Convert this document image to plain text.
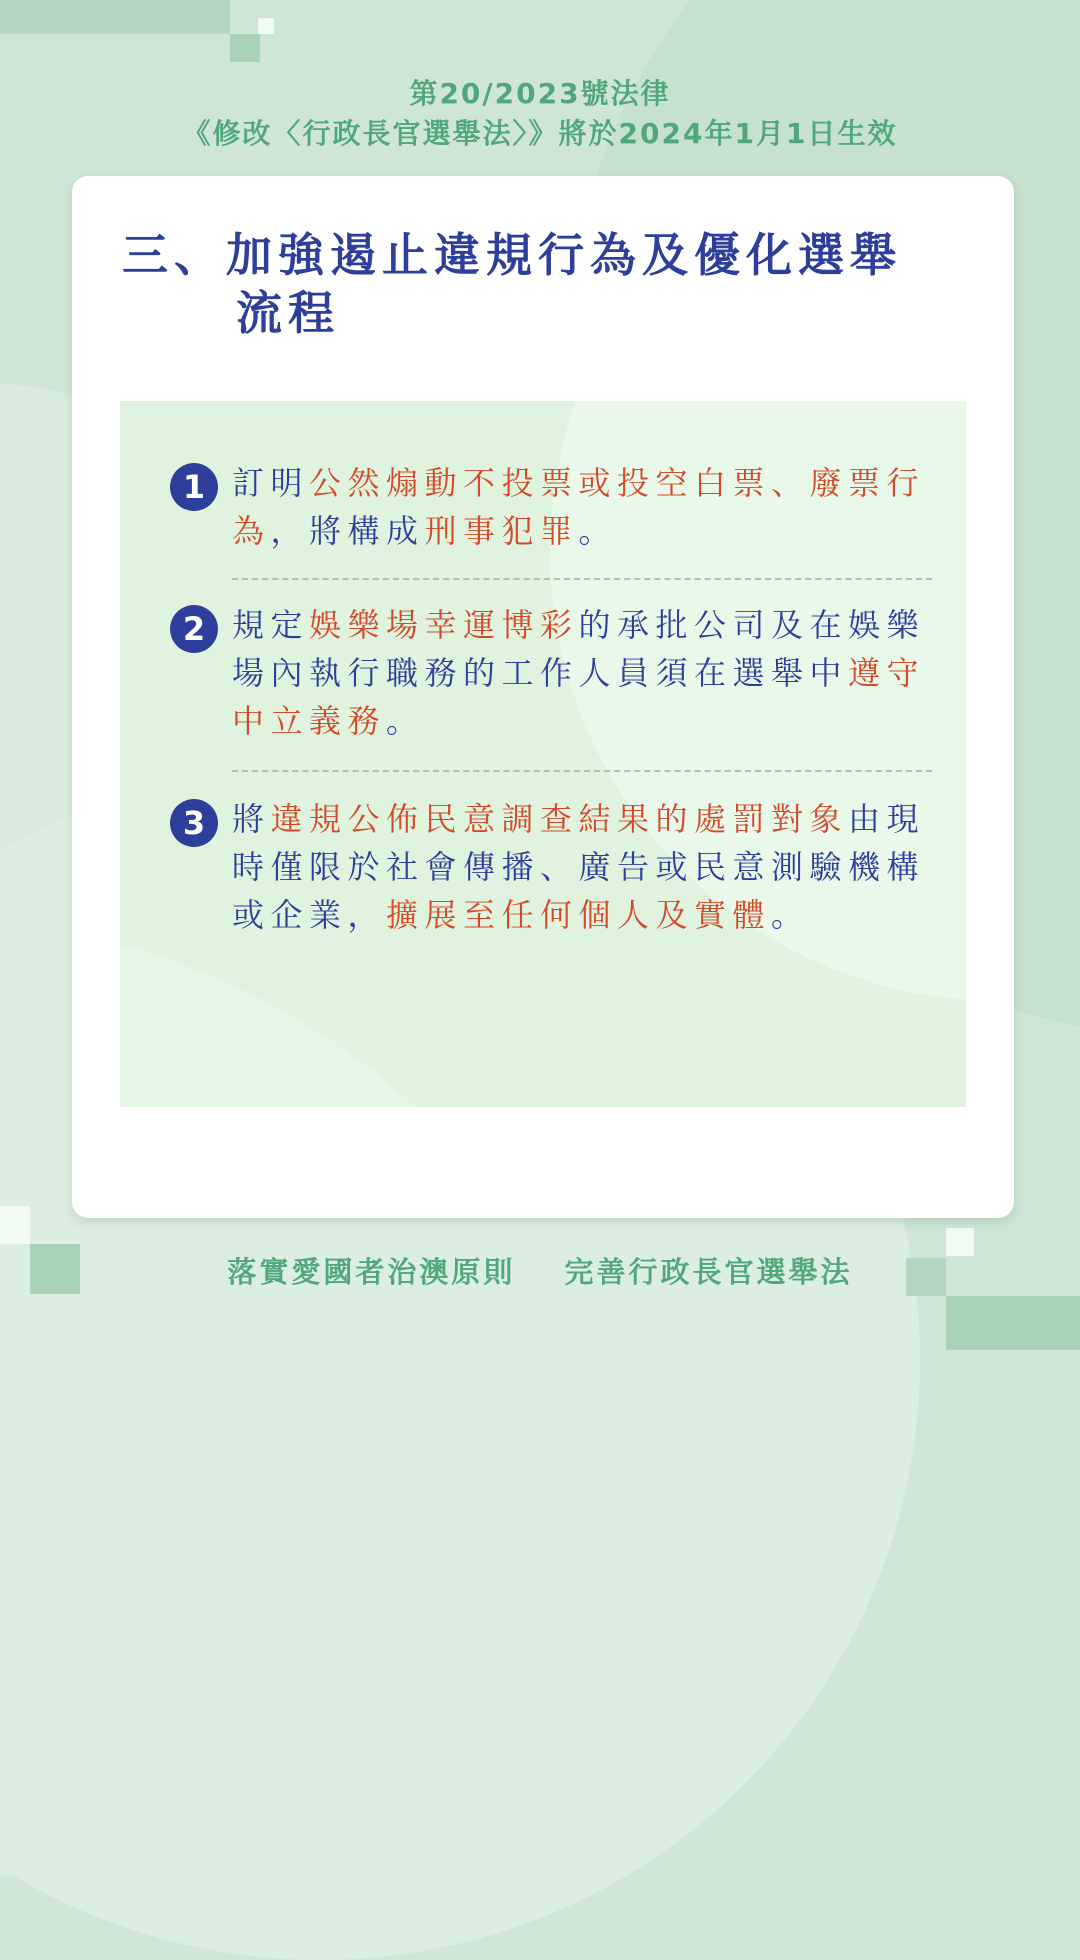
第20/2023號法律
《修改〈行政長官選舉法〉》將於2024年1月1日生效
三、加強遏止違規行為及優化選舉
流程
1 訂明公然煽動不投票或投空白票、廢票行為，將構成刑事犯罪。
2 規定娛樂場幸運博彩的承批公司及在娛樂場內執行職務的工作人員須在選舉中遵守中立義務。
3 將違規公佈民意調查結果的處罰對象由現時僅限於社會傳播、廣告或民意測驗機構或企業，擴展至任何個人及實體。
落實愛國者治澳原則 完善行政長官選舉法
